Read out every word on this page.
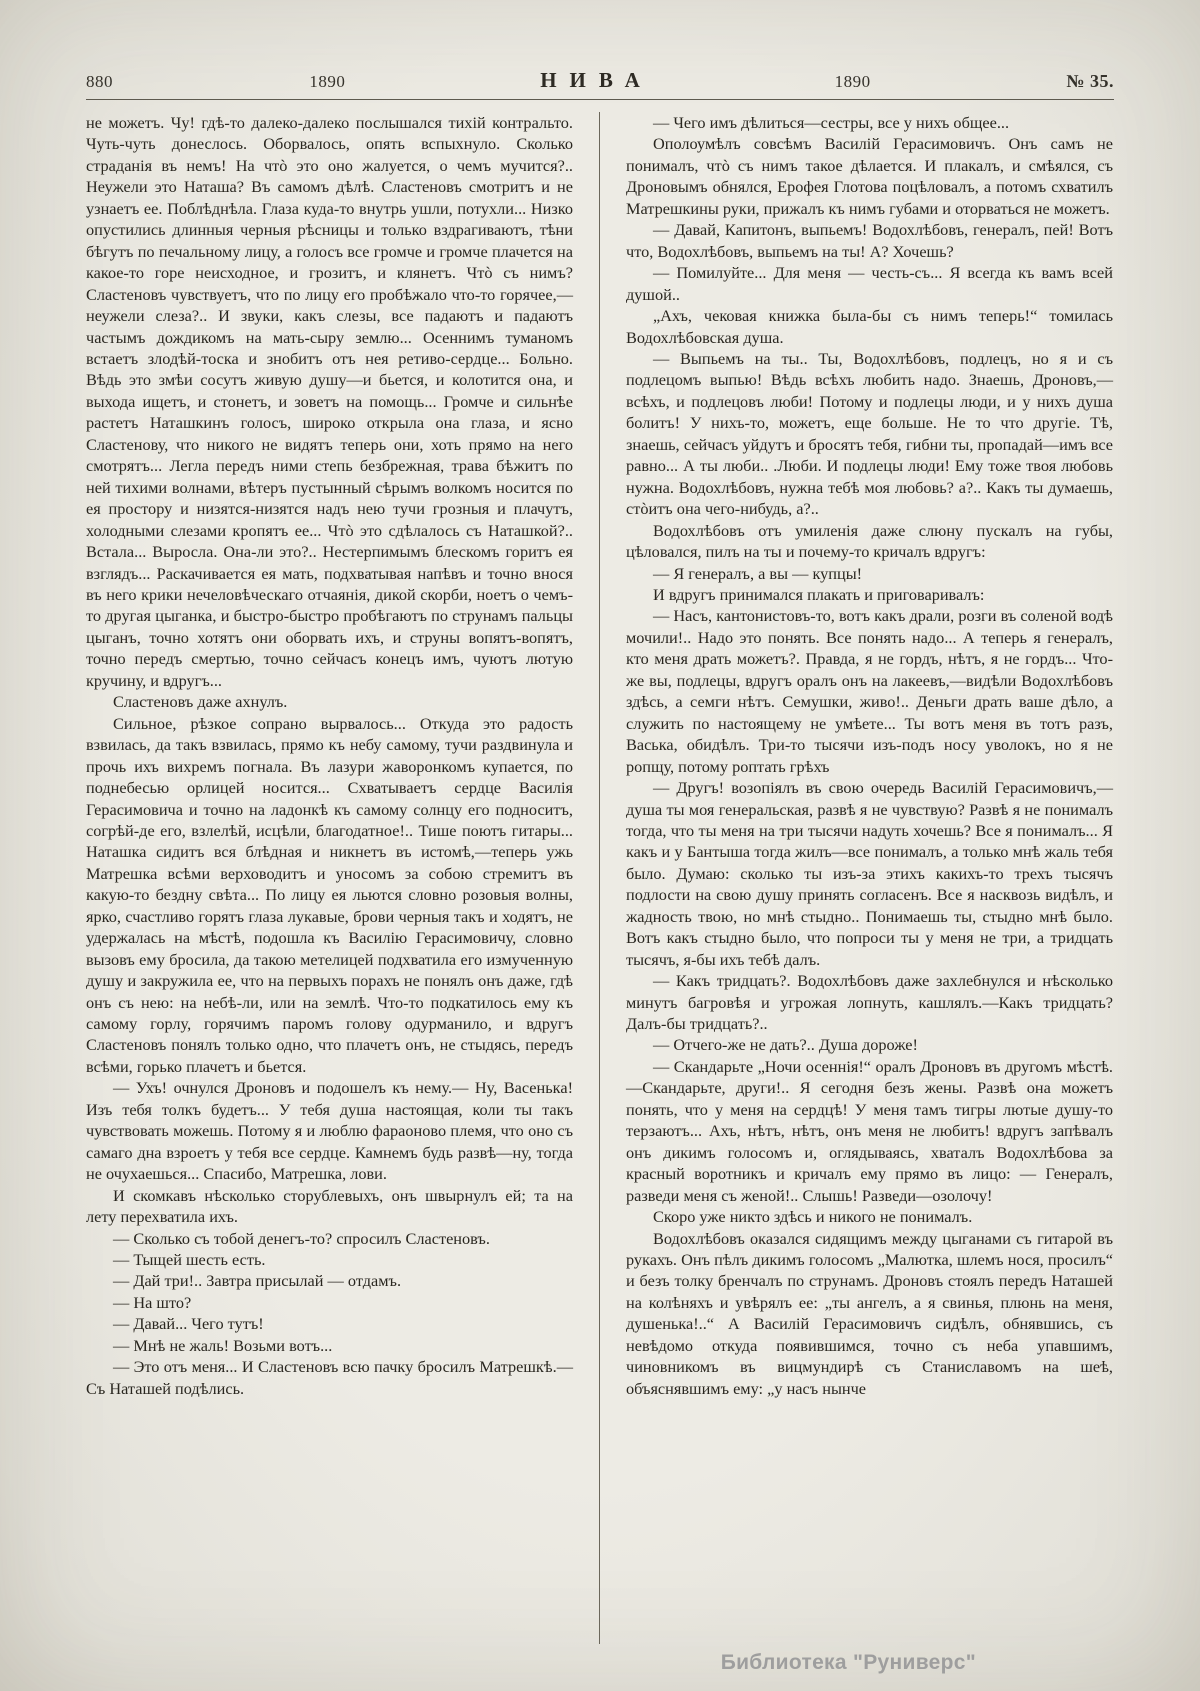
880	1890	НИВА	1890	№ 35.

не можетъ. Чу! гдѣ-то далеко-далеко послышался тихій контральто. Чуть-чуть донеслось. Оборвалось, опять вспыхнуло. Сколько страданія въ немъ! На чтò это оно жалуется, о чемъ мучится?.. Неужели это Наташа? Въ самомъ дѣлѣ. Сластеновъ смотритъ и не узнаетъ ее. Поблѣднѣла. Глаза куда-то внутрь ушли, потухли... Низко опустились длинныя черныя рѣсницы и только вздрагиваютъ, тѣни бѣгутъ по печальному лицу, а голосъ все громче и громче плачется на какое-то горе неисходное, и грозитъ, и клянетъ. Чтò съ нимъ? Сластеновъ чувствуетъ, что по лицу его пробѣжало что-то горячее,—неужели слеза?.. И звуки, какъ слезы, все падаютъ и падаютъ частымъ дождикомъ на мать-сыру землю... Осеннимъ туманомъ встаетъ злодѣй-тоска и знобитъ отъ нея ретиво-сердце... Больно. Вѣдь это змѣи сосутъ живую душу—и бьется, и колотится она, и выхода ищетъ, и стонетъ, и зоветъ на помощь... Громче и сильнѣе растетъ Наташкинъ голосъ, широко открыла она глаза, и ясно Сластенову, что никого не видятъ теперь они, хоть прямо на него смотрятъ... Легла передъ ними степь безбрежная, трава бѣжитъ по ней тихими волнами, вѣтеръ пустынный сѣрымъ волкомъ носится по ея простору и низятся-низятся надъ нею тучи грозныя и плачутъ, холодными слезами кропятъ ее... Чтò это сдѣлалось съ Наташкой?.. Встала... Выросла. Она-ли это?.. Нестерпимымъ блескомъ горитъ ея взглядъ... Раскачивается ея мать, подхватывая напѣвъ и точно внося въ него крики нечеловѣческаго отчаянія, дикой скорби, ноетъ о чемъ-то другая цыганка, и быстро-быстро пробѣгаютъ по струнамъ пальцы цыганъ, точно хотятъ они оборвать ихъ, и струны вопятъ-вопятъ, точно передъ смертью, точно сейчасъ конецъ имъ, чуютъ лютую кручину, и вдругъ...

Сластеновъ даже ахнулъ.

Сильное, рѣзкое сопрано вырвалось... Откуда это радость взвилась, да такъ взвилась, прямо къ небу самому, тучи раздвинула и прочь ихъ вихремъ погнала. Въ лазури жаворонкомъ купается, по поднебесью орлицей носится... Схватываетъ сердце Василія Герасимовича и точно на ладонкѣ къ самому солнцу его подноситъ, согрѣй-де его, взлелѣй, исцѣли, благодатное!.. Тише поютъ гитары... Наташка сидитъ вся блѣдная и никнетъ въ истомѣ,—теперь ужь Матрешка всѣми верховодитъ и уносомъ за собою стремитъ въ какую-то бездну свѣта... По лицу ея льются словно розовыя волны, ярко, счастливо горятъ глаза лукавые, брови черныя такъ и ходятъ, не удержалась на мѣстѣ, подошла къ Василію Герасимовичу, словно вызовъ ему бросила, да такою метелицей подхватила его измученную душу и закружила ее, что на первыхъ порахъ не понялъ онъ даже, гдѣ онъ съ нею: на небѣ-ли, или на землѣ. Что-то подкатилось ему къ самому горлу, горячимъ паромъ голову одурманило, и вдругъ Сластеновъ понялъ только одно, что плачетъ онъ, не стыдясь, передъ всѣми, горько плачетъ и бьется.

— Ухъ! очнулся Дроновъ и подошелъ къ нему.— Ну, Васенька! Изъ тебя толкъ будетъ... У тебя душа настоящая, коли ты такъ чувствовать можешь. Потому я и люблю фараоново племя, что оно съ самаго дна взроетъ у тебя все сердце. Камнемъ будь развѣ—ну, тогда не очухаешься... Спасибо, Матрешка, лови.

И скомкавъ нѣсколько сторублевыхъ, онъ швырнулъ ей; та на лету перехватила ихъ.

— Сколько съ тобой денегъ-то? спросилъ Сластеновъ.

— Тыщей шесть есть.

— Дай три!.. Завтра присылай — отдамъ.

— На што?

— Давай... Чего тутъ!

— Мнѣ не жаль! Возьми вотъ...

— Это отъ меня... И Сластеновъ всю пачку бросилъ Матрешкѣ.—Съ Наташей подѣлись.

— Чего имъ дѣлиться—сестры, все у нихъ общее...

Ополоумѣлъ совсѣмъ Василій Герасимовичъ. Онъ самъ не понималъ, чтò съ нимъ такое дѣлается. И плакалъ, и смѣялся, съ Дроновымъ обнялся, Ерофея Глотова поцѣловалъ, а потомъ схватилъ Матрешкины руки, прижалъ къ нимъ губами и оторваться не можетъ.

— Давай, Капитонъ, выпьемъ! Водохлѣбовъ, генералъ, пей! Вотъ что, Водохлѣбовъ, выпьемъ на ты! А? Хочешь?

— Помилуйте... Для меня — честь-съ... Я всегда къ вамъ всей душой..

„Ахъ, чековая книжка была-бы съ нимъ теперь!“ томилась Водохлѣбовская душа.

— Выпьемъ на ты.. Ты, Водохлѣбовъ, подлецъ, но я и съ подлецомъ выпью! Вѣдь всѣхъ любить надо. Знаешь, Дроновъ,—всѣхъ, и подлецовъ люби! Потому и подлецы люди, и у нихъ душа болитъ! У нихъ-то, можетъ, еще больше. Не то что другіе. Тѣ, знаешь, сейчасъ уйдутъ и бросятъ тебя, гибни ты, пропадай—имъ все равно... А ты люби.. .Люби. И подлецы люди! Ему тоже твоя любовь нужна. Водохлѣбовъ, нужна тебѣ моя любовь? а?.. Какъ ты думаешь, стòитъ она чего-нибудь, а?..

Водохлѣбовъ отъ умиленія даже слюну пускалъ на губы, цѣловался, пилъ на ты и почему-то кричалъ вдругъ:

— Я генералъ, а вы — купцы!

И вдругъ принимался плакать и приговаривалъ:

— Насъ, кантонистовъ-то, вотъ какъ драли, розги въ соленой водѣ мочили!.. Надо это понять. Все понять надо... А теперь я генералъ, кто меня драть можетъ?. Правда, я не гордъ, нѣтъ, я не гордъ... Что-же вы, подлецы, вдругъ оралъ онъ на лакеевъ,—видѣли Водохлѣбовъ здѣсь, а семги нѣтъ. Семушки, живо!.. Деньги драть ваше дѣло, а служить по настоящему не умѣете... Ты вотъ меня въ тотъ разъ, Васька, обидѣлъ. Три-то тысячи изъ-подъ носу уволокъ, но я не ропщу, потому роптать грѣхъ

— Другъ! возопіялъ въ свою очередь Василій Герасимовичъ,—душа ты моя генеральская, развѣ я не чувствую? Развѣ я не понималъ тогда, что ты меня на три тысячи надуть хочешь? Все я понималъ... Я какъ и у Бантыша тогда жилъ—все понималъ, а только мнѣ жаль тебя было. Думаю: сколько ты изъ-за этихъ какихъ-то трехъ тысячъ подлости на свою душу принять согласенъ. Все я насквозь видѣлъ, и жадность твою, но мнѣ стыдно.. Понимаешь ты, стыдно мнѣ было. Вотъ какъ стыдно было, что попроси ты у меня не три, а тридцать тысячъ, я-бы ихъ тебѣ далъ.

— Какъ тридцать?. Водохлѣбовъ даже захлебнулся и нѣсколько минутъ багровѣя и угрожая лопнуть, кашлялъ.—Какъ тридцать? Далъ-бы тридцать?..

— Отчего-же не дать?.. Душа дороже!

— Скандарьте „Ночи осеннія!“ оралъ Дроновъ въ другомъ мѣстѣ.—Скандарьте, други!.. Я сегодня безъ жены. Развѣ она можетъ понять, что у меня на сердцѣ! У меня тамъ тигры лютые душу-то терзаютъ... Ахъ, нѣтъ, нѣтъ, онъ меня не любитъ! вдругъ запѣвалъ онъ дикимъ голосомъ и, оглядываясь, хваталъ Водохлѣбова за красный воротникъ и кричалъ ему прямо въ лицо: — Генералъ, разведи меня съ женой!.. Слышь! Разведи—озолочу!

Скоро уже никто здѣсь и никого не понималъ.

Водохлѣбовъ оказался сидящимъ между цыганами съ гитарой въ рукахъ. Онъ пѣлъ дикимъ голосомъ „Малютка, шлемъ нося, просилъ“ и безъ толку бренчалъ по струнамъ. Дроновъ стоялъ передъ Наташей на колѣняхъ и увѣрялъ ее: „ты ангелъ, а я свинья, плюнь на меня, душенька!..“ А Василій Герасимовичъ сидѣлъ, обнявшись, съ невѣдомо откуда появившимся, точно съ неба упавшимъ, чиновникомъ въ вицмундирѣ съ Станиславомъ на шеѣ, объяснявшимъ ему: „у насъ нынче

Библиотека "Руниверс"
